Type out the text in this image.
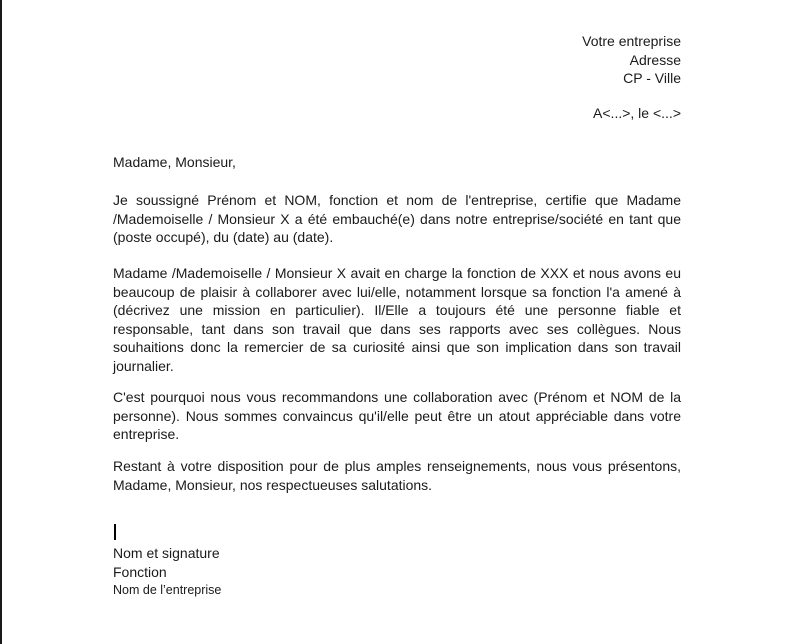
Votre entreprise
Adresse
CP - Ville
A<...>, le <...>

Madame, Monsieur,

Je soussigné Prénom et NOM, fonction et nom de l'entreprise, certifie que Madame /Mademoiselle / Monsieur X a été embauché(e) dans notre entreprise/société en tant que (poste occupé), du (date) au (date).

Madame /Mademoiselle / Monsieur X avait en charge la fonction de XXX et nous avons eu beaucoup de plaisir à collaborer avec lui/elle, notamment lorsque sa fonction l'a amené à (décrivez une mission en particulier). Il/Elle a toujours été une personne fiable et responsable, tant dans son travail que dans ses rapports avec ses collègues. Nous souhaitions donc la remercier de sa curiosité ainsi que son implication dans son travail journalier.

C'est pourquoi nous vous recommandons une collaboration avec (Prénom et NOM de la personne). Nous sommes convaincus qu'il/elle peut être un atout appréciable dans votre entreprise.

Restant à votre disposition pour de plus amples renseignements, nous vous présentons, Madame, Monsieur, nos respectueuses salutations.

Nom et signature

Fonction

Nom de l’entreprise
